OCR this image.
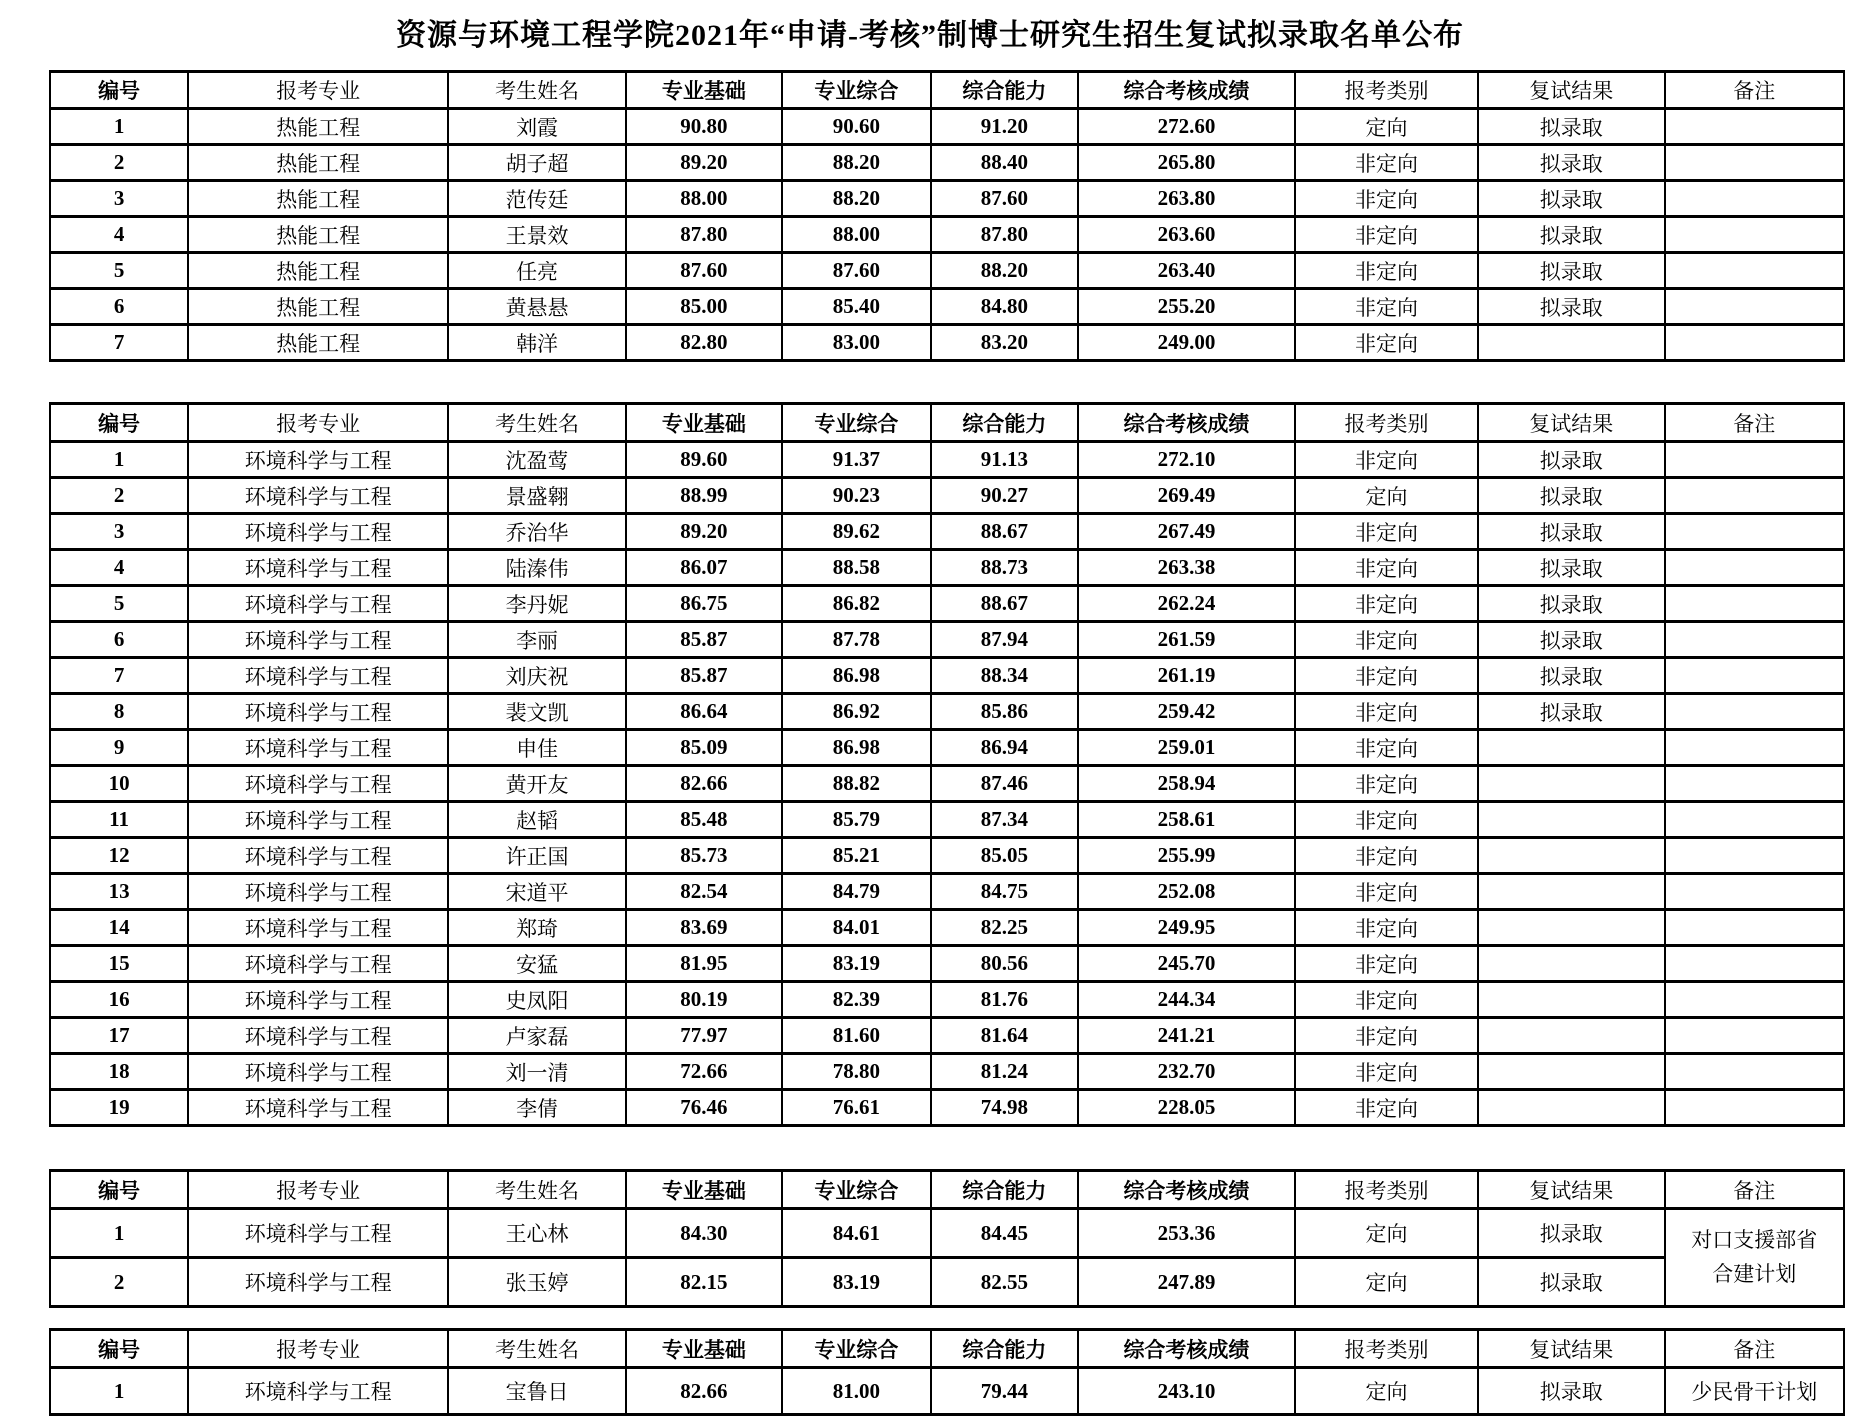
资源与环境工程学院2021年“申请-考核”制博士研究生招生复试拟录取名单公布
编号	报考专业	考生姓名	专业基础	专业综合	综合能力	综合考核成绩	报考类别	复试结果	备注
1	热能工程	刘霞	90.80	90.60	91.20	272.60	定向	拟录取	
2	热能工程	胡子超	89.20	88.20	88.40	265.80	非定向	拟录取	
3	热能工程	范传廷	88.00	88.20	87.60	263.80	非定向	拟录取	
4	热能工程	王景效	87.80	88.00	87.80	263.60	非定向	拟录取	
5	热能工程	任亮	87.60	87.60	88.20	263.40	非定向	拟录取	
6	热能工程	黄悬悬	85.00	85.40	84.80	255.20	非定向	拟录取	
7	热能工程	韩洋	82.80	83.00	83.20	249.00	非定向		
编号	报考专业	考生姓名	专业基础	专业综合	综合能力	综合考核成绩	报考类别	复试结果	备注
1	环境科学与工程	沈盈莺	89.60	91.37	91.13	272.10	非定向	拟录取	
2	环境科学与工程	景盛翱	88.99	90.23	90.27	269.49	定向	拟录取	
3	环境科学与工程	乔治华	89.20	89.62	88.67	267.49	非定向	拟录取	
4	环境科学与工程	陆溱伟	86.07	88.58	88.73	263.38	非定向	拟录取	
5	环境科学与工程	李丹妮	86.75	86.82	88.67	262.24	非定向	拟录取	
6	环境科学与工程	李丽	85.87	87.78	87.94	261.59	非定向	拟录取	
7	环境科学与工程	刘庆祝	85.87	86.98	88.34	261.19	非定向	拟录取	
8	环境科学与工程	裴文凯	86.64	86.92	85.86	259.42	非定向	拟录取	
9	环境科学与工程	申佳	85.09	86.98	86.94	259.01	非定向		
10	环境科学与工程	黄开友	82.66	88.82	87.46	258.94	非定向		
11	环境科学与工程	赵韬	85.48	85.79	87.34	258.61	非定向		
12	环境科学与工程	许正国	85.73	85.21	85.05	255.99	非定向		
13	环境科学与工程	宋道平	82.54	84.79	84.75	252.08	非定向		
14	环境科学与工程	郑琦	83.69	84.01	82.25	249.95	非定向		
15	环境科学与工程	安猛	81.95	83.19	80.56	245.70	非定向		
16	环境科学与工程	史凤阳	80.19	82.39	81.76	244.34	非定向		
17	环境科学与工程	卢家磊	77.97	81.60	81.64	241.21	非定向		
18	环境科学与工程	刘一清	72.66	78.80	81.24	232.70	非定向		
19	环境科学与工程	李倩	76.46	76.61	74.98	228.05	非定向		
编号	报考专业	考生姓名	专业基础	专业综合	综合能力	综合考核成绩	报考类别	复试结果	备注
1	环境科学与工程	王心林	84.30	84.61	84.45	253.36	定向	拟录取	对口支援部省
合建计划

2	环境科学与工程	张玉婷	82.15	83.19	82.55	247.89	定向	拟录取	
编号	报考专业	考生姓名	专业基础	专业综合	综合能力	综合考核成绩	报考类别	复试结果	备注
1	环境科学与工程	宝鲁日	82.66	81.00	79.44	243.10	定向	拟录取	少民骨干计划
